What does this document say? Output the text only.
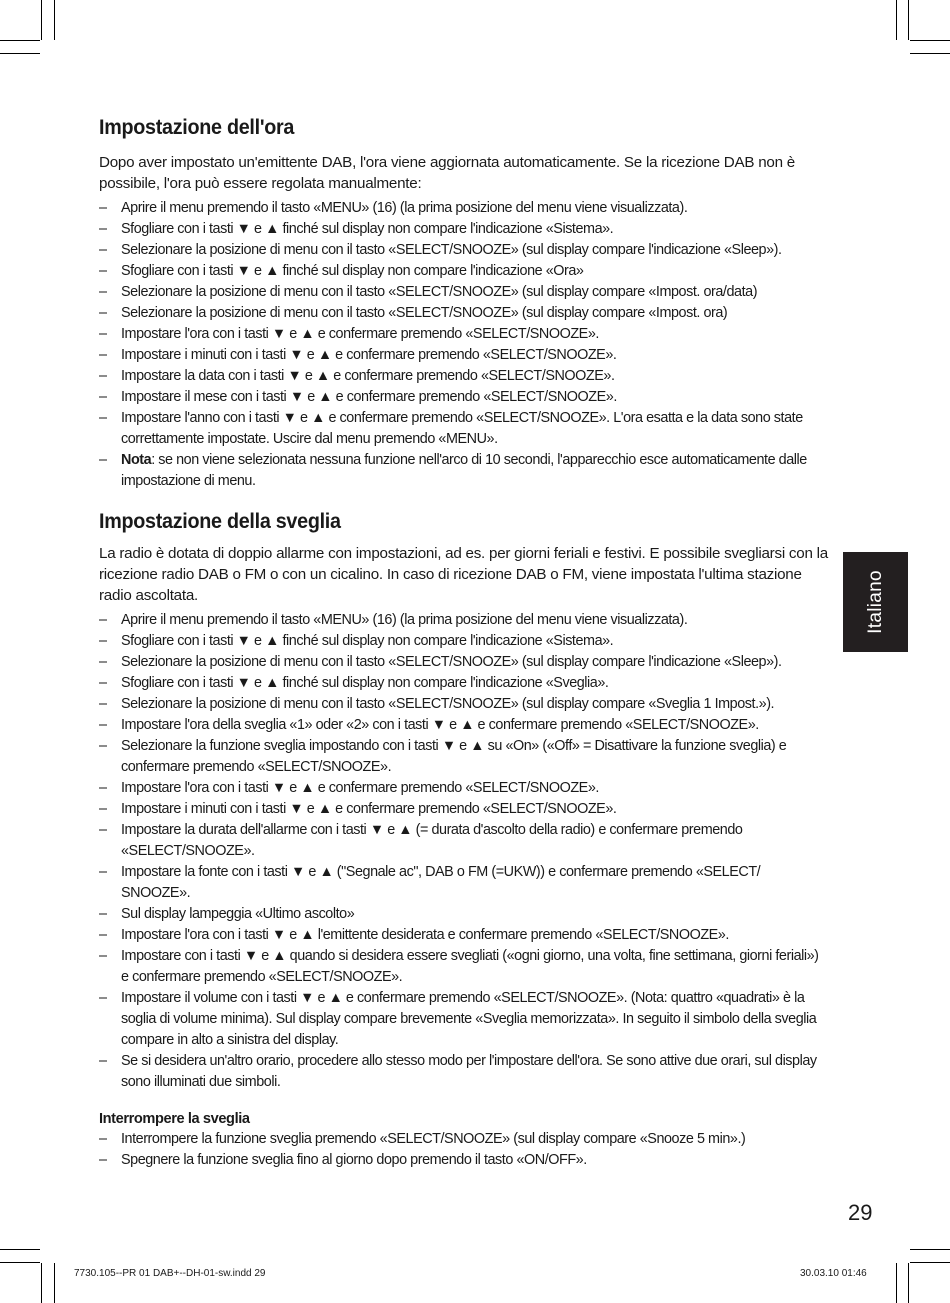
Impostazione dell'ora

Dopo aver impostato un'emittente DAB, l'ora viene aggiornata automaticamente. Se la ricezione DAB non è possibile, l'ora può essere regolata manualmente:

– Aprire il menu premendo il tasto «MENU» (16) (la prima posizione del menu viene visualizzata).
– Sfogliare con i tasti ▼ e ▲ finché sul display non compare l'indicazione «Sistema».
– Selezionare la posizione di menu con il tasto «SELECT/SNOOZE» (sul display compare l'indicazione «Sleep»).
– Sfogliare con i tasti ▼ e ▲ finché sul display non compare l'indicazione «Ora»
– Selezionare la posizione di menu con il tasto «SELECT/SNOOZE» (sul display compare «Impost. ora/data)
– Selezionare la posizione di menu con il tasto «SELECT/SNOOZE» (sul display compare «Impost. ora)
– Impostare l'ora con i tasti ▼ e ▲ e confermare premendo «SELECT/SNOOZE».
– Impostare i minuti con i tasti ▼ e ▲ e confermare premendo «SELECT/SNOOZE».
– Impostare la data con i tasti ▼ e ▲ e confermare premendo «SELECT/SNOOZE».
– Impostare il mese con i tasti ▼ e ▲ e confermare premendo «SELECT/SNOOZE».
– Impostare l'anno con i tasti ▼ e ▲ e confermare premendo «SELECT/SNOOZE». L'ora esatta e la data sono state correttamente impostate. Uscire dal menu premendo «MENU».
– Nota: se non viene selezionata nessuna funzione nell'arco di 10 secondi, l'apparecchio esce automaticamente dalle impostazione di menu.
Impostazione della sveglia

La radio è dotata di doppio allarme con impostazioni, ad es. per giorni feriali e festivi. E possibile svegliarsi con la ricezione radio DAB o FM o con un cicalino. In caso di ricezione DAB o FM, viene impostata l'ultima stazione radio ascoltata.

– Aprire il menu premendo il tasto «MENU» (16) (la prima posizione del menu viene visualizzata).
– Sfogliare con i tasti ▼ e ▲ finché sul display non compare l'indicazione «Sistema».
– Selezionare la posizione di menu con il tasto «SELECT/SNOOZE» (sul display compare l'indicazione «Sleep»).
– Sfogliare con i tasti ▼ e ▲ finché sul display non compare l'indicazione «Sveglia».
– Selezionare la posizione di menu con il tasto «SELECT/SNOOZE» (sul display compare «Sveglia 1 Impost.»).
– Impostare l'ora della sveglia «1» oder «2» con i tasti ▼ e ▲ e confermare premendo «SELECT/SNOOZE».
– Selezionare la funzione sveglia impostando con i tasti ▼ e ▲ su «On» («Off» = Disattivare la funzione sveglia) e confermare premendo «SELECT/SNOOZE».
– Impostare l'ora con i tasti ▼ e ▲ e confermare premendo «SELECT/SNOOZE».
– Impostare i minuti con i tasti ▼ e ▲ e confermare premendo «SELECT/SNOOZE».
– Impostare la durata dell'allarme con i tasti ▼ e ▲ (= durata d'ascolto della radio) e confermare premendo «SELECT/SNOOZE».
– Impostare la fonte con i tasti ▼ e ▲ ("Segnale ac", DAB o FM (=UKW)) e confermare premendo «SELECT/ SNOOZE».
– Sul display lampeggia «Ultimo ascolto»
– Impostare l'ora con i tasti ▼ e ▲ l'emittente desiderata e confermare premendo «SELECT/SNOOZE».
– Impostare con i tasti ▼ e ▲ quando si desidera essere svegliati («ogni giorno, una volta, fine settimana, giorni feriali») e confermare premendo «SELECT/SNOOZE».
– Impostare il volume con i tasti ▼ e ▲ e confermare premendo «SELECT/SNOOZE». (Nota: quattro «quadrati» è la soglia di volume minima). Sul display compare brevemente «Sveglia memorizzata». In seguito il simbolo della sveglia compare in alto a sinistra del display.
– Se si desidera un'altro orario, procedere allo stesso modo per l'impostare dell'ora. Se sono attive due orari, sul display sono illuminati due simboli.
Interrompere la sveglia
– Interrompere la funzione sveglia premendo «SELECT/SNOOZE» (sul display compare «Snooze 5 min».)
– Spegnere la funzione sveglia fino al giorno dopo premendo il tasto «ON/OFF».
Italiano
29
7730.105--PR 01 DAB+--DH-01-sw.indd 29	30.03.10 01:46
